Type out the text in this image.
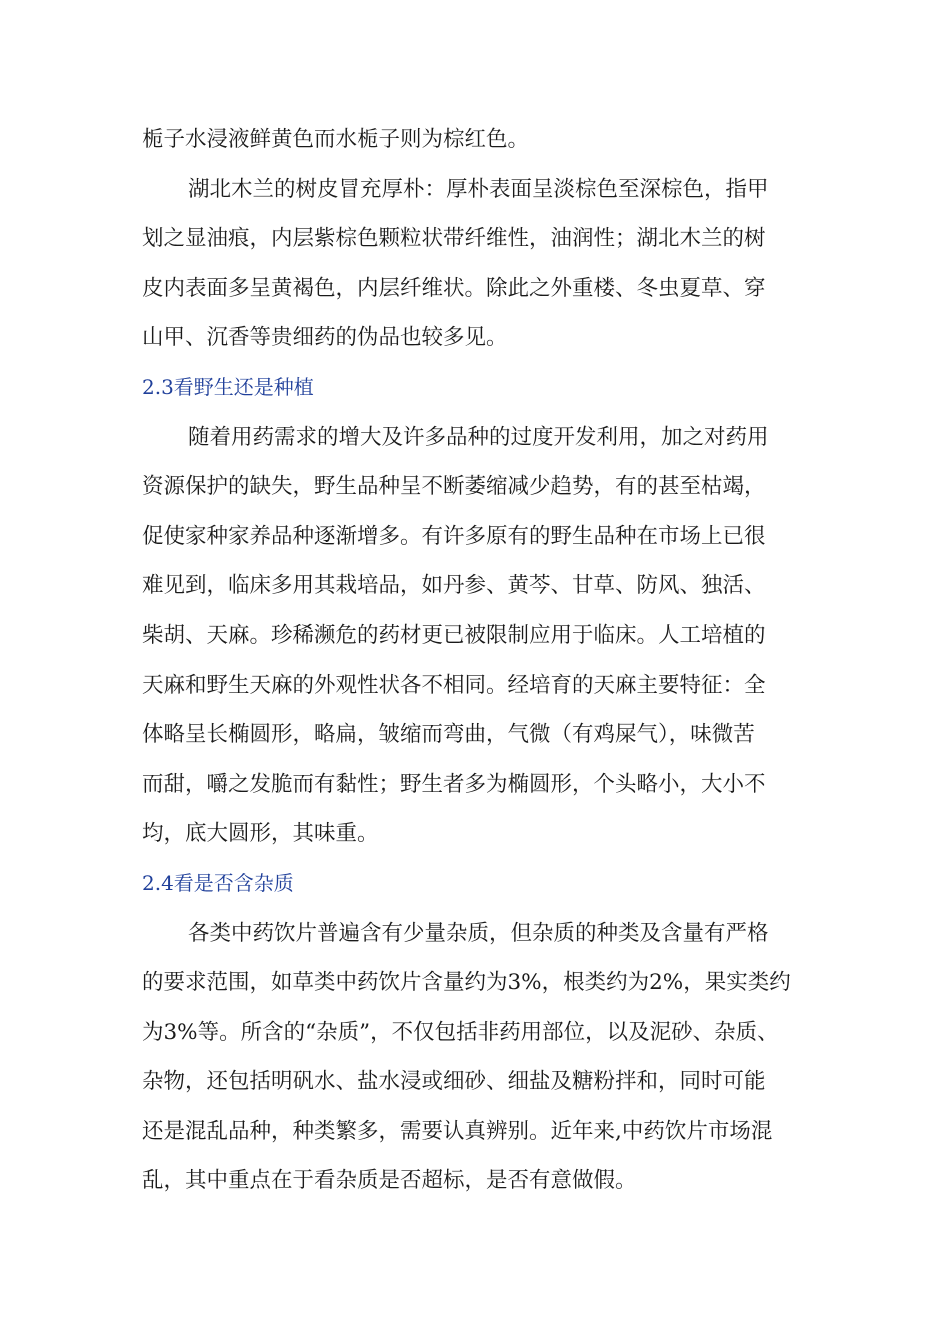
栀子水浸液鲜黄色而水栀子则为棕红色。
湖北木兰的树皮冒充厚朴：厚朴表面呈淡棕色至深棕色，指甲
划之显油痕，内层紫棕色颗粒状带纤维性，油润性；湖北木兰的树
皮内表面多呈黄褐色，内层纤维状。除此之外重楼、冬虫夏草、穿
山甲、沉香等贵细药的伪品也较多见。
2.3看野生还是种植
随着用药需求的增大及许多品种的过度开发利用，加之对药用
资源保护的缺失，野生品种呈不断萎缩减少趋势，有的甚至枯竭，
促使家种家养品种逐渐增多。有许多原有的野生品种在市场上已很
难见到，临床多用其栽培品，如丹参、黄芩、甘草、防风、独活、
柴胡、天麻。珍稀濒危的药材更已被限制应用于临床。人工培植的
天麻和野生天麻的外观性状各不相同。经培育的天麻主要特征：全
体略呈长椭圆形，略扁，皱缩而弯曲，气微（有鸡屎气），味微苦
而甜，嚼之发脆而有黏性；野生者多为椭圆形，个头略小，大小不
均，底大圆形，其味重。
2.4看是否含杂质
各类中药饮片普遍含有少量杂质，但杂质的种类及含量有严格
的要求范围，如草类中药饮片含量约为3%，根类约为2%，果实类约
为3%等。所含的“杂质”，不仅包括非药用部位，以及泥砂、杂质、
杂物，还包括明矾水、盐水浸或细砂、细盐及糖粉拌和，同时可能
还是混乱品种，种类繁多，需要认真辨别。近年来,中药饮片市场混
乱，其中重点在于看杂质是否超标，是否有意做假。
